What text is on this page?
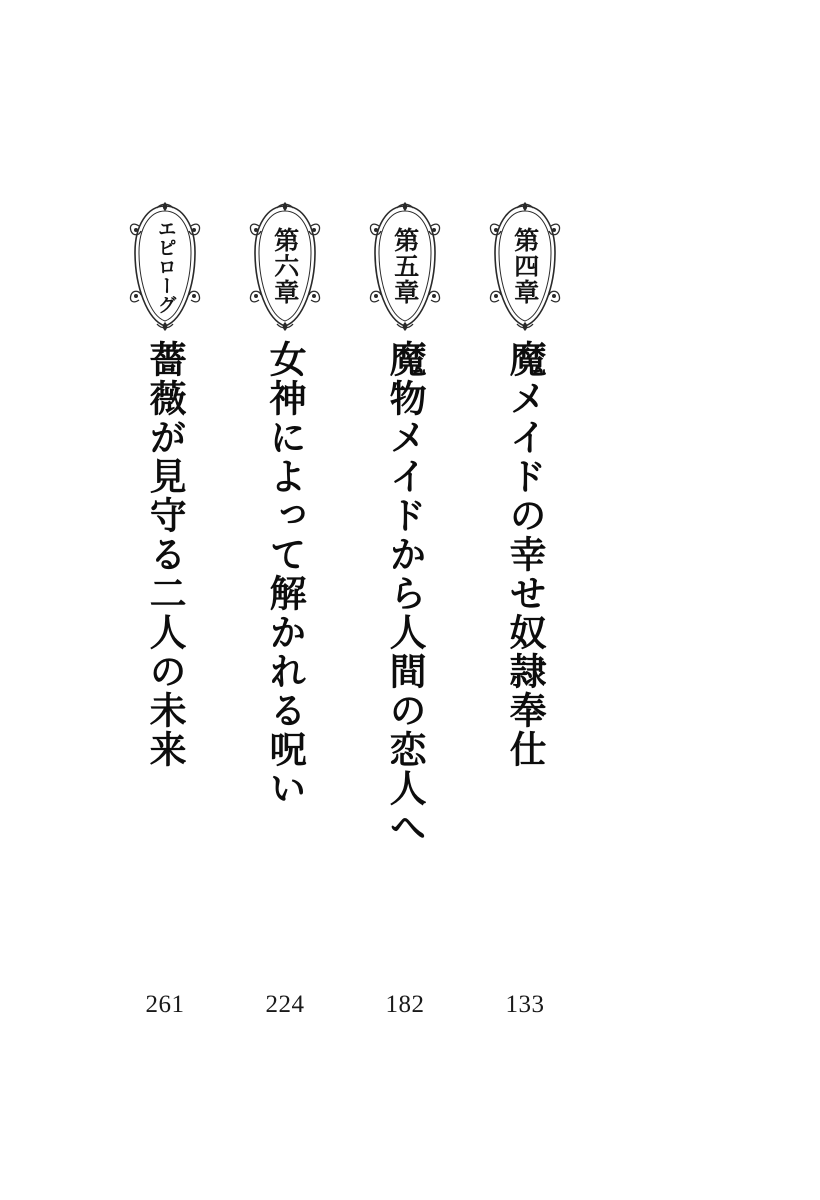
第四章
魔メイドの幸せ奴隷奉仕
第五章
魔物メイドから人間の恋人へ
第六章
女神によって解かれる呪い
エピローグ
薔薇が見守る二人の未来
133
182
224
261
